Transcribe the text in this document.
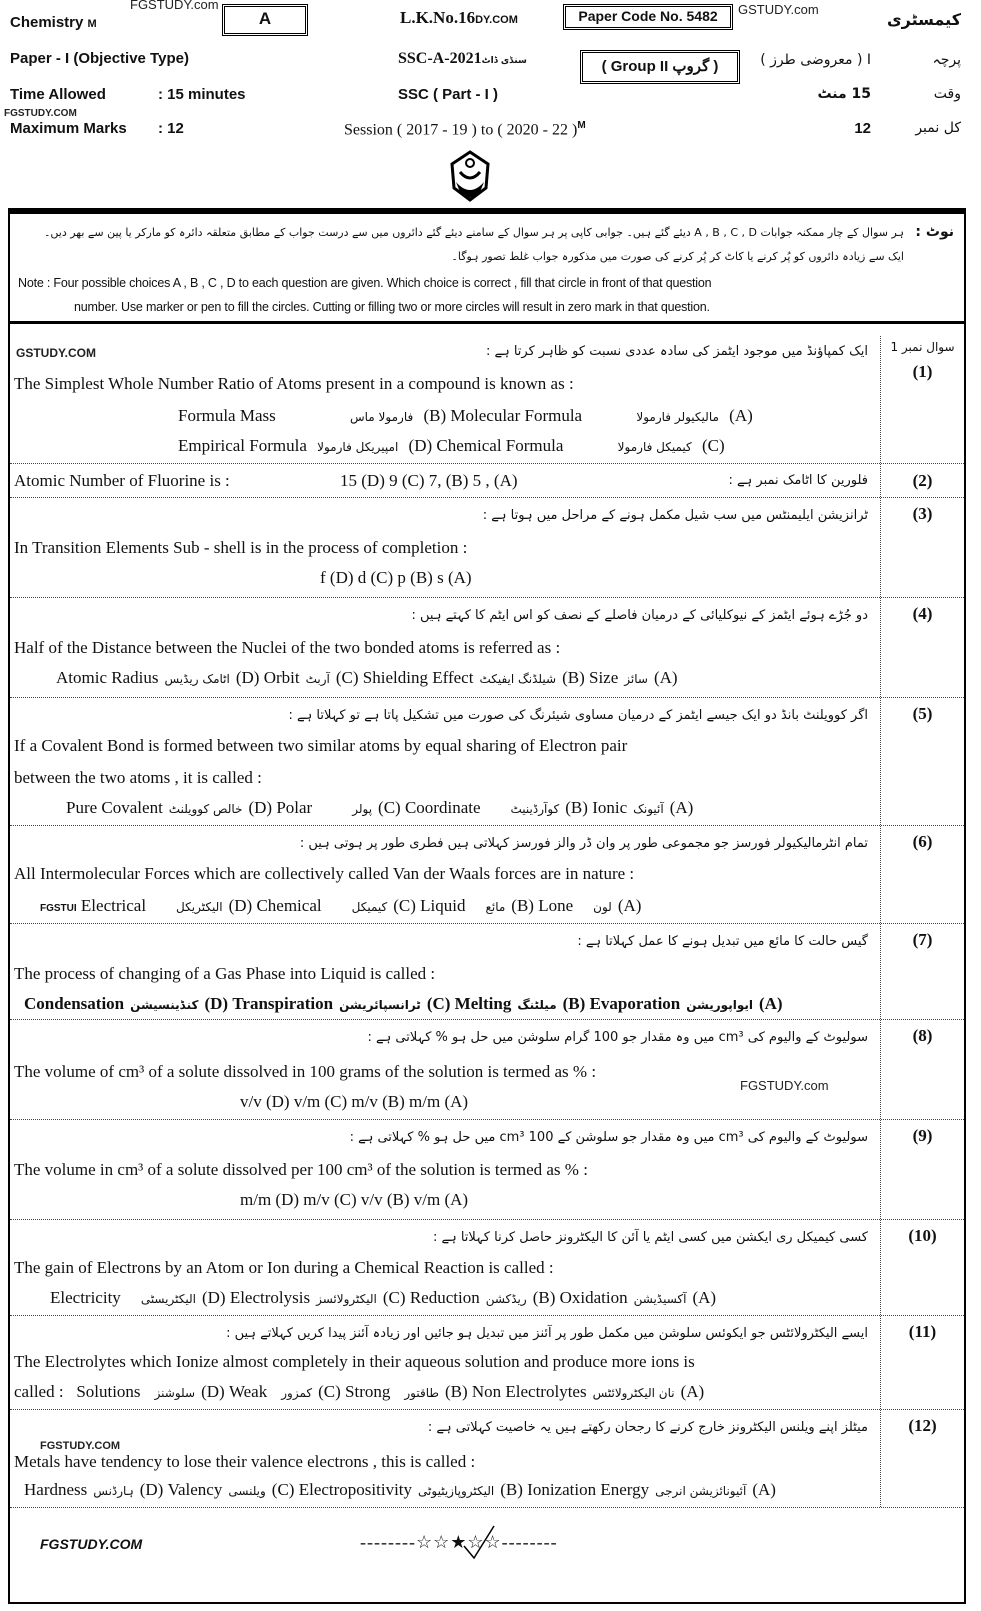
FGSTUDY.com	GSTUDY.com
Chemistry M	A	L.K.No.16DY.COM	Paper Code No. 5482	کیمسٹری
Paper - I (Objective Type)	SSC-A-2021سنڈی ڈاٹ	( Group II گروپ )	I ( معروضی طرز )	پرچہ
Time Allowed	: 15 minutes	SSC ( Part - I )	15 منٹ	وقت
FGSTUDY.COM
Maximum Marks : 12	Session ( 2017 - 19 ) to ( 2020 - 22 )$^M$	12	کل نمبر
نوٹ :
ہر سوال کے چار ممکنہ جوابات A , B , C , D دیئے گئے ہیں۔ جوابی کاپی پر ہر سوال کے سامنے دیئے گئے دائروں میں سے درست جواب کے مطابق متعلقہ دائرہ کو مارکر یا پین سے بھر دیں۔
ایک سے زیادہ دائروں کو پُر کرنے یا کاٹ کر پُر کرنے کی صورت میں مذکورہ جواب غلط تصور ہوگا۔
Note : Four possible choices A , B , C , D to each question are given. Which choice is correct , fill that circle in front of that question
number. Use marker or pen to fill the circles. Cutting or filling two or more circles will result in zero mark in that question.
سوال نمبر 1
(1)
GSTUDY.COM	ایک کمپاؤنڈ میں موجود ایٹمز کی سادہ عددی نسبت کو ظاہر کرتا ہے :
The Simplest Whole Number Ratio of Atoms present in a compound is known as :
Formula Mass	فارمولا ماس (B) Molecular Formula	مالیکیولر فارمولا (A)
Empirical Formula امپیریکل فارمولا (D) Chemical Formula	کیمیکل فارمولا (C)
(2)
Atomic Number of Fluorine is :	15 (D) 9 (C) 7, (B) 5 , (A)	فلورین کا اٹامک نمبر ہے :
(3)
ٹرانزیشن ایلیمنٹس میں سب شیل مکمل ہونے کے مراحل میں ہوتا ہے :
In Transition Elements Sub - shell is in the process of completion :
f (D) d (C) p (B) s (A)
(4)
دو جُڑے ہوئے ایٹمز کے نیوکلیائی کے درمیان فاصلے کے نصف کو اس ایٹم کا کہتے ہیں :
Half of the Distance between the Nuclei of the two bonded atoms is referred as :
Atomic Radius اٹامک ریڈیس (D) Orbit آربٹ (C) Shielding Effect شیلڈنگ ایفیکٹ (B) Size سائز (A)
(5)
اگر کوویلنٹ بانڈ دو ایک جیسے ایٹمز کے درمیان مساوی شیئرنگ کی صورت میں تشکیل پاتا ہے تو کہلاتا ہے :
If a Covalent Bond is formed between two similar atoms by equal sharing of Electron pair
between the two atoms , it is called :
Pure Covalent خالص کوویلنٹ (D) Polar	پولر (C) Coordinate	کوآرڈینیٹ (B) Ionic آئیونک (A)
(6)
تمام انٹرمالیکیولر فورسز جو مجموعی طور پر وان ڈر والز فورسز کہلاتی ہیں فطری طور پر ہوتی ہیں :
All Intermolecular Forces which are collectively called Van der Waals forces are in nature :
FGSTUI Electrical	الیکٹریکل (D) Chemical	کیمیکل (C) Liquid مائع (B) Lone لون (A)
(7)
گیس حالت کا مائع میں تبدیل ہونے کا عمل کہلاتا ہے :
The process of changing of a Gas Phase into Liquid is called :
Condensation کنڈینسیشن (D) Transpiration ٹرانسپائریشن (C) Melting میلٹنگ (B) Evaporation ایواپوریشن (A)
(8)
سولیوٹ کے والیوم کی cm³ میں وہ مقدار جو 100 گرام سلوشن میں حل ہو % کہلاتی ہے :
The volume of cm³ of a solute dissolved in 100 grams of the solution is termed as % :
FGSTUDY.com
v/v (D) v/m (C) m/v (B) m/m (A)
(9)
سولیوٹ کے والیوم کی cm³ میں وہ مقدار جو سلوشن کے 100 cm³ میں حل ہو % کہلاتی ہے :
The volume in cm³ of a solute dissolved per 100 cm³ of the solution is termed as % :
m/m (D) m/v (C) v/v (B) v/m (A)
(10)
کسی کیمیکل ری ایکشن میں کسی ایٹم یا آئن کا الیکٹرونز حاصل کرنا کہلاتا ہے :
The gain of Electrons by an Atom or Ion during a Chemical Reaction is called :
Electricity الیکٹریسٹی (D) Electrolysis الیکٹرولائسز (C) Reduction ریڈکشن (B) Oxidation آکسیڈیشن (A)
(11)
ایسے الیکٹرولائٹس جو ایکوئس سلوشن میں مکمل طور پر آئنز میں تبدیل ہو جائیں اور زیادہ آئنز پیدا کریں کہلاتے ہیں :
The Electrolytes which Ionize almost completely in their aqueous solution and produce more ions is
called : Solutions سلوشنز (D) Weak کمزور (C) Strong طاقتور (B) Non Electrolytes نان الیکٹرولائٹس (A)
(12)
میٹلز اپنے ویلنس الیکٹرونز خارج کرنے کا رجحان رکھتے ہیں یہ خاصیت کہلاتی ہے :
FGSTUDY.COM
Metals have tendency to lose their valence electrons , this is called :
Hardness ہارڈنس (D) Valency ویلنسی (C) Electropositivity الیکٹروپازیٹیوٹی (B) Ionization Energy آئیونائزیشن انرجی (A)
FGSTUDY.COM	--------☆☆★☆☆--------
